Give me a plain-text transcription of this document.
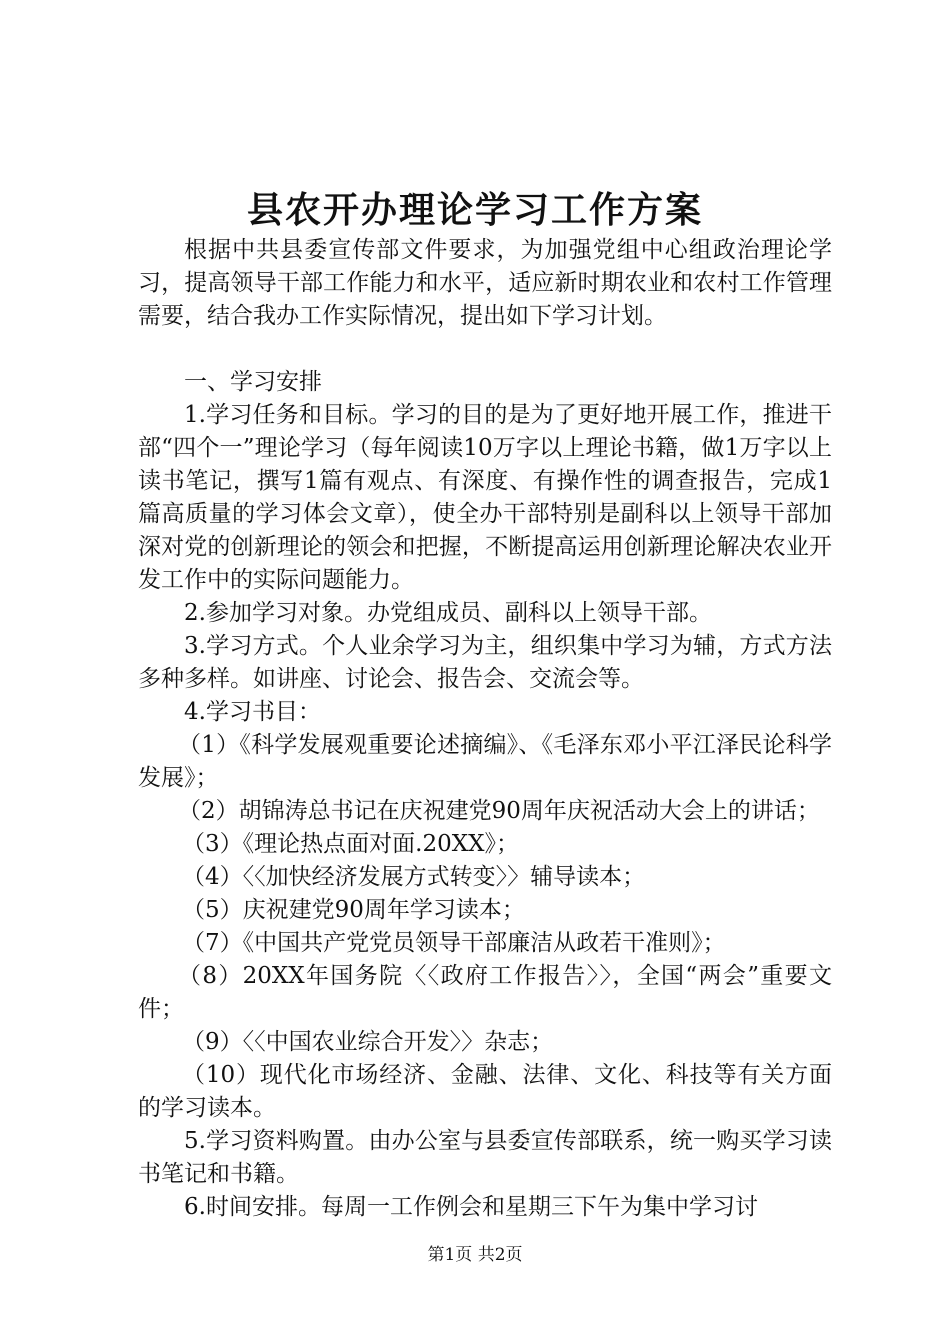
县农开办理论学习工作方案

根据中共县委宣传部文件要求，为加强党组中心组政治理论学习，提高领导干部工作能力和水平，适应新时期农业和农村工作管理需要，结合我办工作实际情况，提出如下学习计划。

一、学习安排

1.学习任务和目标。学习的目的是为了更好地开展工作，推进干部“四个一”理论学习（每年阅读10万字以上理论书籍，做1万字以上读书笔记，撰写1篇有观点、有深度、有操作性的调查报告，完成1篇高质量的学习体会文章），使全办干部特别是副科以上领导干部加深对党的创新理论的领会和把握，不断提高运用创新理论解决农业开发工作中的实际问题能力。

2.参加学习对象。办党组成员、副科以上领导干部。

3.学习方式。个人业余学习为主，组织集中学习为辅，方式方法多种多样。如讲座、讨论会、报告会、交流会等。

4.学习书目：

（1）《科学发展观重要论述摘编》、《毛泽东邓小平江泽民论科学发展》；

（2）胡锦涛总书记在庆祝建党90周年庆祝活动大会上的讲话；

（3）《理论热点面对面.20XX》；

（4）〈〈加快经济发展方式转变〉〉辅导读本；

（5）庆祝建党90周年学习读本；

（7）《中国共产党党员领导干部廉洁从政若干准则》；

（8）20XX年国务院〈〈政府工作报告〉〉，全国“两会”重要文件；

（9）〈〈中国农业综合开发〉〉杂志；

（10）现代化市场经济、金融、法律、文化、科技等有关方面的学习读本。

5.学习资料购置。由办公室与县委宣传部联系，统一购买学习读书笔记和书籍。

6.时间安排。每周一工作例会和星期三下午为集中学习讨

第1页 共2页
